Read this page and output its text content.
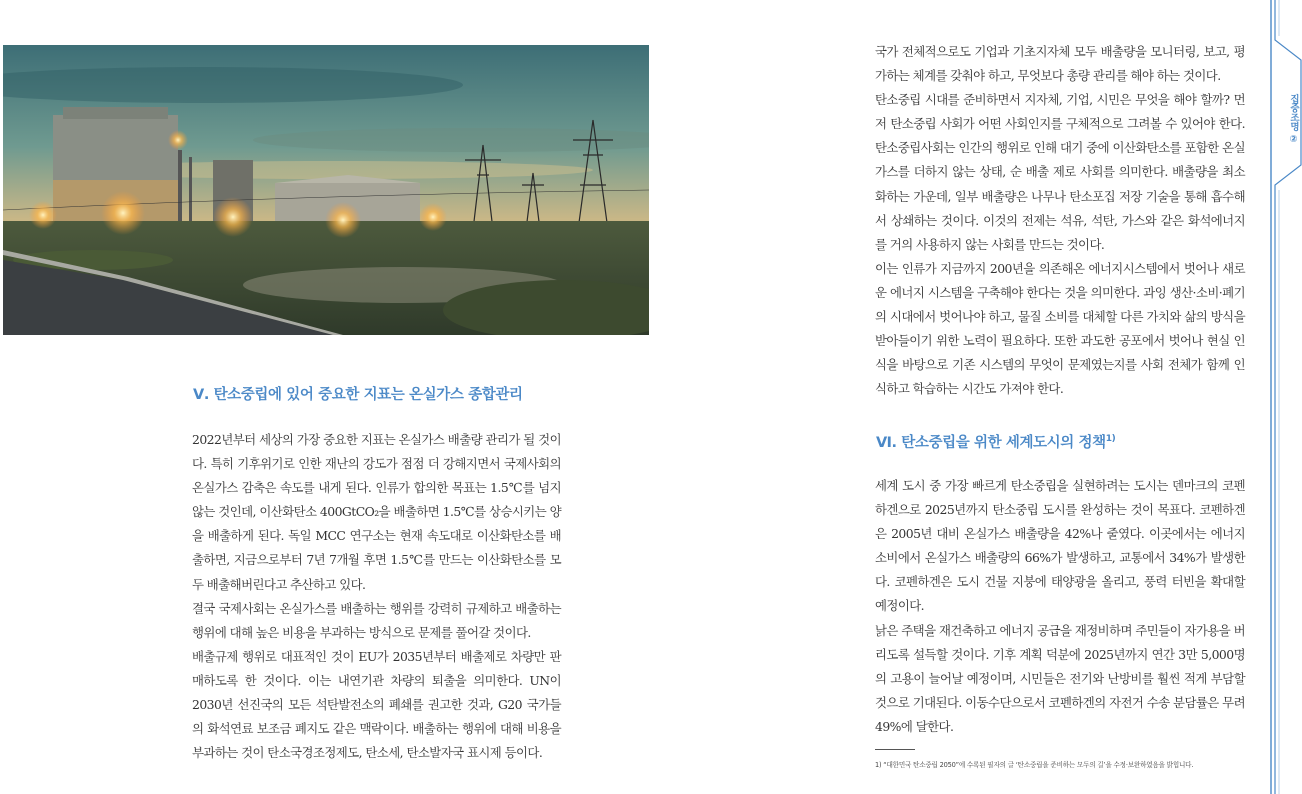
Ⅴ. 탄소중립에 있어 중요한 지표는 온실가스 종합관리

2022년부터 세상의 가장 중요한 지표는 온실가스 배출량 관리가 될 것이다. 특히 기후위기로 인한 재난의 강도가 점점 더 강해지면서 국제사회의 온실가스 감축은 속도를 내게 된다. 인류가 합의한 목표는 1.5℃를 넘지 않는 것인데, 이산화탄소 400GtCO₂을 배출하면 1.5℃를 상승시키는 양을 배출하게 된다. 독일 MCC 연구소는 현재 속도대로 이산화탄소를 배출하면, 지금으로부터 7년 7개월 후면 1.5℃를 만드는 이산화탄소를 모두 배출해버린다고 추산하고 있다.

결국 국제사회는 온실가스를 배출하는 행위를 강력히 규제하고 배출하는 행위에 대해 높은 비용을 부과하는 방식으로 문제를 풀어갈 것이다.

배출규제 행위로 대표적인 것이 EU가 2035년부터 배출제로 차량만 판매하도록 한 것이다. 이는 내연기관 차량의 퇴출을 의미한다. UN이 2030년 선진국의 모든 석탄발전소의 폐쇄를 권고한 것과, G20 국가들의 화석연료 보조금 폐지도 같은 맥락이다. 배출하는 행위에 대해 비용을 부과하는 것이 탄소국경조정제도, 탄소세, 탄소발자국 표시제 등이다.

국가 전체적으로도 기업과 기초지자체 모두 배출량을 모니터링, 보고, 평가하는 체계를 갖춰야 하고, 무엇보다 총량 관리를 해야 하는 것이다.

탄소중립 시대를 준비하면서 지자체, 기업, 시민은 무엇을 해야 할까? 먼저 탄소중립 사회가 어떤 사회인지를 구체적으로 그려볼 수 있어야 한다. 탄소중립사회는 인간의 행위로 인해 대기 중에 이산화탄소를 포함한 온실가스를 더하지 않는 상태, 순 배출 제로 사회를 의미한다. 배출량을 최소화하는 가운데, 일부 배출량은 나무나 탄소포집 저장 기술을 통해 흡수해서 상쇄하는 것이다. 이것의 전제는 석유, 석탄, 가스와 같은 화석에너지를 거의 사용하지 않는 사회를 만드는 것이다.

이는 인류가 지금까지 200년을 의존해온 에너지시스템에서 벗어나 새로운 에너지 시스템을 구축해야 한다는 것을 의미한다. 과잉 생산·소비·폐기의 시대에서 벗어나야 하고, 물질 소비를 대체할 다른 가치와 삶의 방식을 받아들이기 위한 노력이 필요하다. 또한 과도한 공포에서 벗어나 현실 인식을 바탕으로 기존 시스템의 무엇이 문제였는지를 사회 전체가 함께 인식하고 학습하는 시간도 가져야 한다.

Ⅵ. 탄소중립을 위한 세계도시의 정책$^{1)}$

세계 도시 중 가장 빠르게 탄소중립을 실현하려는 도시는 덴마크의 코펜하겐으로 2025년까지 탄소중립 도시를 완성하는 것이 목표다. 코펜하겐은 2005년 대비 온실가스 배출량을 42%나 줄였다. 이곳에서는 에너지 소비에서 온실가스 배출량의 66%가 발생하고, 교통에서 34%가 발생한다. 코펜하겐은 도시 건물 지붕에 태양광을 올리고, 풍력 터빈을 확대할 예정이다.

낡은 주택을 재건축하고 에너지 공급을 재정비하며 주민들이 자가용을 버리도록 설득할 것이다. 기후 계획 덕분에 2025년까지 연간 3만 5,000명의 고용이 늘어날 예정이며, 시민들은 전기와 난방비를 훨씬 적게 부담할 것으로 기대된다. 이동수단으로서 코펜하겐의 자전거 수송 분담률은 무려 49%에 달한다.

1) “대한민국 탄소중립 2050”에 수록된 필자의 글 ‘탄소중립을 준비하는 모두의 길’을 수정·보완하였음을 밝힙니다.
집중조명 ②
